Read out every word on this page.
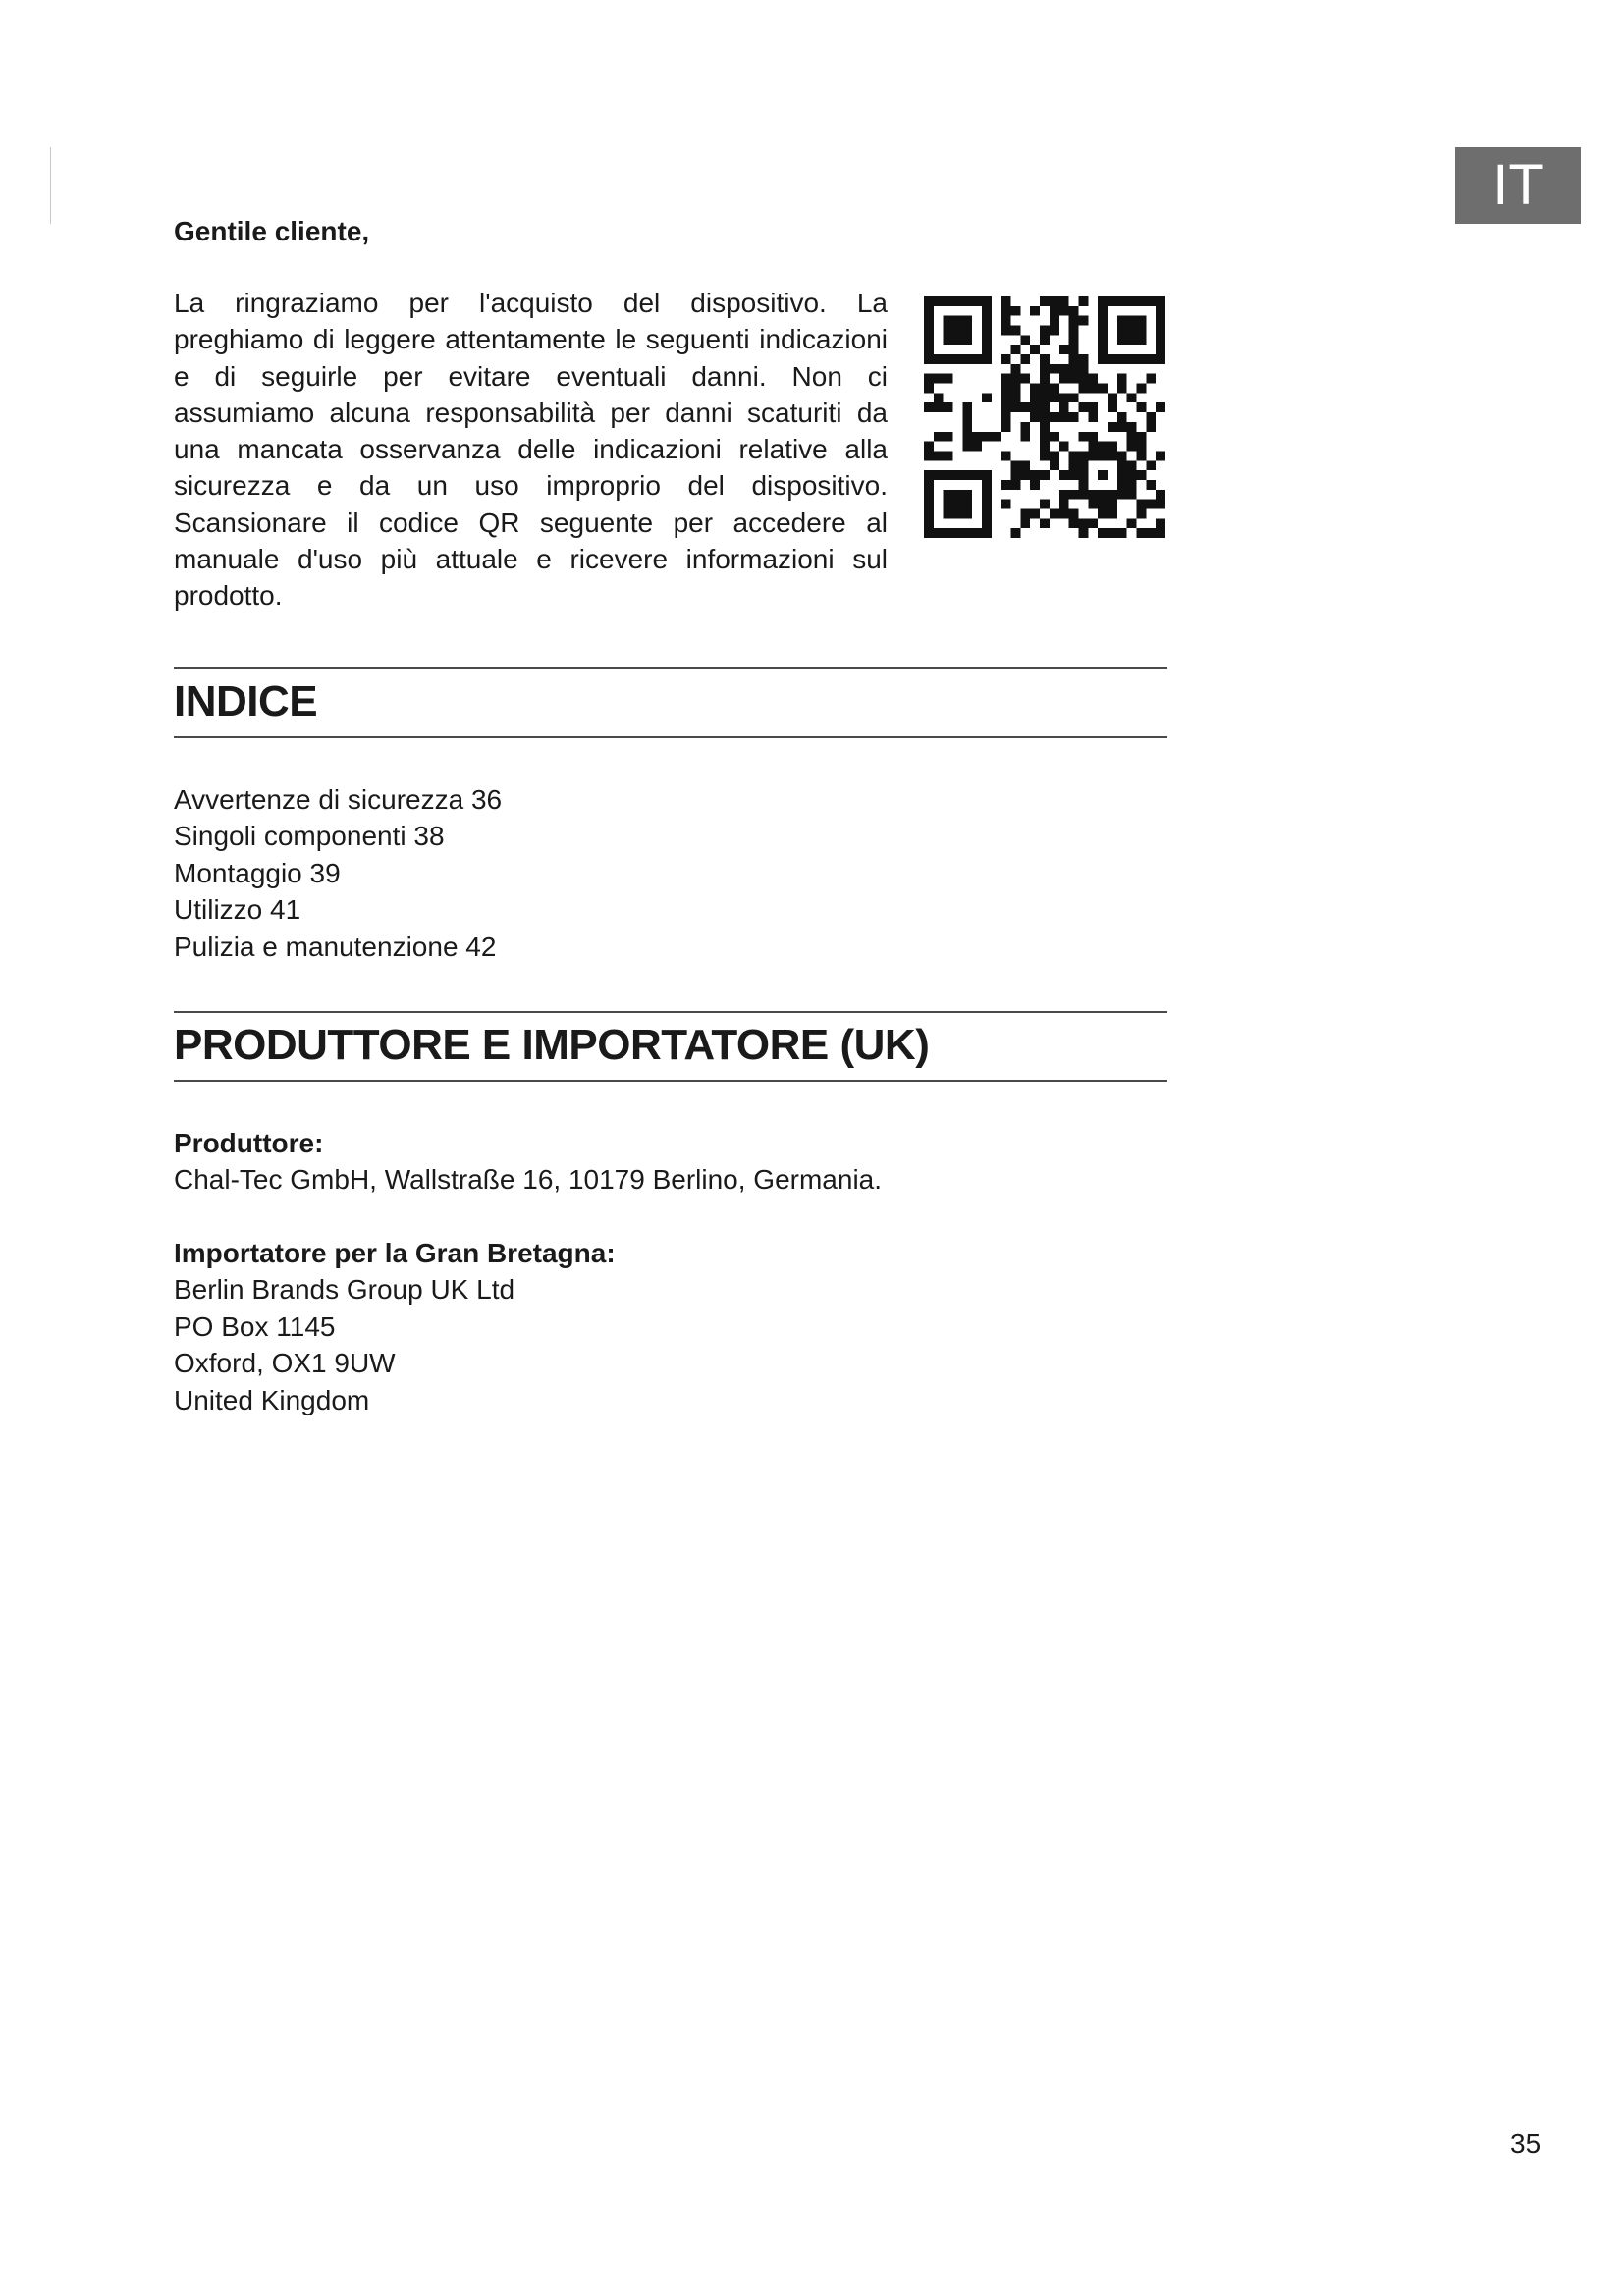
IT
Gentile cliente,

La ringraziamo per l'acquisto del dispositivo. La preghiamo di leggere attentamente le seguenti indicazioni e di seguirle per evitare eventuali danni. Non ci assumiamo alcuna responsabilità per danni scaturiti da una mancata osservanza delle indicazioni relative alla sicurezza e da un uso improprio del dispositivo. Scansionare il codice QR seguente per accedere al manuale d'uso più attuale e ricevere informazioni sul prodotto.

INDICE
Avvertenze di sicurezza 36
Singoli componenti 38
Montaggio 39
Utilizzo 41
Pulizia e manutenzione 42
PRODUTTORE E IMPORTATORE (UK)
Produttore:
Chal-Tec GmbH, Wallstraße 16, 10179 Berlino, Germania.
Importatore per la Gran Bretagna:
Berlin Brands Group UK Ltd
PO Box 1145
Oxford, OX1 9UW
United Kingdom
35
